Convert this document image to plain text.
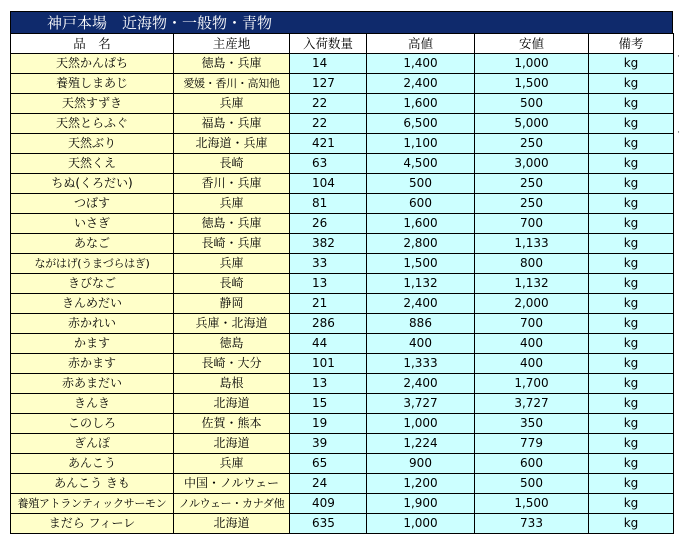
神戸本場　近海物・一般物・青物
品　名	主産地	入荷数量	高値	安値	備考
天然かんぱち	徳島・兵庫	14	1,400	1,000	kg
養殖しまあじ	愛媛・香川・高知他	127	2,400	1,500	kg
天然すずき	兵庫	22	1,600	500	kg
天然とらふぐ	福島・兵庫	22	6,500	5,000	kg
天然ぶり	北海道・兵庫	421	1,100	250	kg
天然くえ	長崎	63	4,500	3,000	kg
ちぬ(くろだい)	香川・兵庫	104	500	250	kg
つばす	兵庫	81	600	250	kg
いさぎ	徳島・兵庫	26	1,600	700	kg
あなご	長崎・兵庫	382	2,800	1,133	kg
ながはげ(うまづらはぎ)	兵庫	33	1,500	800	kg
きびなご	長崎	13	1,132	1,132	kg
きんめだい	静岡	21	2,400	2,000	kg
赤かれい	兵庫・北海道	286	886	700	kg
かます	徳島	44	400	400	kg
赤かます	長崎・大分	101	1,333	400	kg
赤あまだい	島根	13	2,400	1,700	kg
きんき	北海道	15	3,727	3,727	kg
このしろ	佐賀・熊本	19	1,000	350	kg
ぎんぽ	北海道	39	1,224	779	kg
あんこう	兵庫	65	900	600	kg
あんこう きも	中国・ノルウェー	24	1,200	500	kg
養殖アトランティックサーモン	ノルウェー・カナダ他	409	1,900	1,500	kg
まだら フィーレ	北海道	635	1,000	733	kg
·
·
